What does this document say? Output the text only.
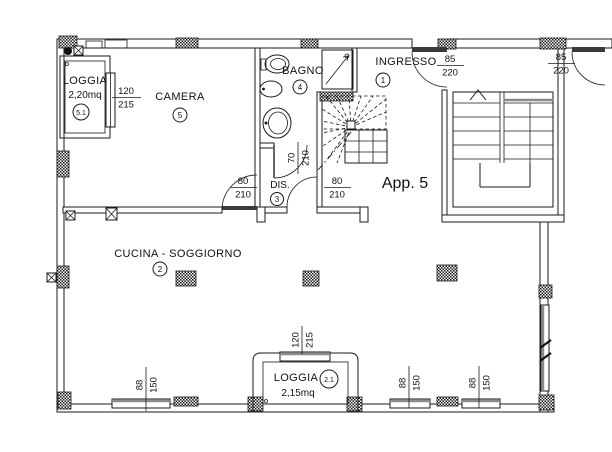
LOGGIA
2,20mq
5.1
CAMERA
5
BAGNO
4
INGRESSO
1
DIS.
3
CUCINA - SOGGIORNO
2
LOGGIA 2.1
2,15mq
App. 5
120
215
85
220
85
220
80
210
80
210
70 210
88 150
120 215
88 150	88 150
